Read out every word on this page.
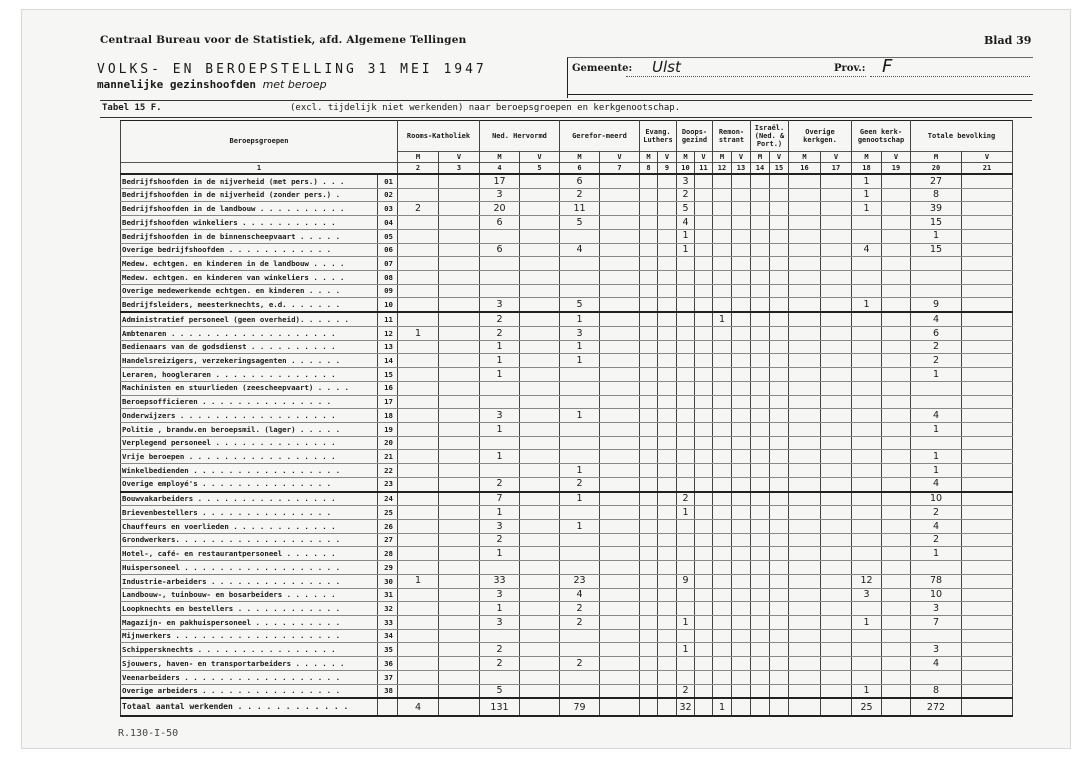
Centraal Bureau voor de Statistiek, afd. Algemene Tellingen	Blad 39
VOLKS- EN BEROEPSTELLING 31 MEI 1947
mannelijke gezinshoofden met beroep
Gemeente: Ulst	Prov.: F
Tabel 15 F.	(excl. tijdelijk niet werkenden) naar beroepsgroepen en kerkgenootschap.
Beroepsgroepen		Rooms-Katholiek		Ned. Hervormd		Gerefor-meerd		Evang. Luthers		Doops-gezind		Remon-strant		Israël. (Ned. & Port.)		Overige kerkgen.		Geen kerk-genootschap		Totale bevolking	
		M	V	M	V	M	V	M	V	M	V	M	V	M	V	M	V	M	V	M	V
1		2	3	4	5	6	7	8	9	10	11	12	13	14	15	16	17	18	19	20	21
Bedrijfshoofden in de nijverheid (met pers.) . . .	01			17		6				3								1		27	
Bedrijfshoofden in de nijverheid (zonder pers.) .	02			3		2				2								1		8	
Bedrijfshoofden in de landbouw . . . . . . . . . .	03	2		20		11				5								1		39	
Bedrijfshoofden winkeliers . . . . . . . . . . .	04			6		5				4										15	
Bedrijfshoofden in de binnenscheepvaart . . . . .	05									1										1	
Overige bedrijfshoofden . . . . . . . . . . . .	06			6		4				1								4		15	
Medew. echtgen. en kinderen in de landbouw . . . .	07																				
Medew. echtgen. en kinderen van winkeliers . . . .	08																				
Overige medewerkende echtgen. en kinderen . . . .	09																				
Bedrijfsleiders, meesterknechts, e.d. . . . . . .	10			3		5												1		9	
Administratief personeel (geen overheid). . . . . .	11			2		1						1								4	
Ambtenaren . . . . . . . . . . . . . . . . . . .	12	1		2		3														6	
Bedienaars van de godsdienst . . . . . . . . . .	13			1		1														2	
Handelsreizigers, verzekeringsagenten . . . . . .	14			1		1														2	
Leraren, hoogleraren . . . . . . . . . . . . . .	15			1																1	
Machinisten en stuurlieden (zeescheepvaart) . . . .	16																				
Beroepsofficieren . . . . . . . . . . . . . . .	17																				
Onderwijzers . . . . . . . . . . . . . . . . . .	18			3		1														4	
Politie , brandw.en beroepsmil. (lager) . . . . .	19			1																1	
Verplegend personeel . . . . . . . . . . . . . .	20																				
Vrije beroepen . . . . . . . . . . . . . . . . .	21			1																1	
Winkelbedienden . . . . . . . . . . . . . . . . .	22					1														1	
Overige employé's . . . . . . . . . . . . . . .	23			2		2														4	
Bouwvakarbeiders . . . . . . . . . . . . . . . .	24			7		1				2										10	
Brievenbestellers . . . . . . . . . . . . . . .	25			1						1										2	
Chauffeurs en voerlieden . . . . . . . . . . . .	26			3		1														4	
Grondwerkers. . . . . . . . . . . . . . . . . . .	27			2																2	
Hotel-, café- en restaurantpersoneel . . . . . .	28			1																1	
Huispersoneel . . . . . . . . . . . . . . . . . .	29																				
Industrie-arbeiders . . . . . . . . . . . . . . .	30	1		33		23				9								12		78	
Landbouw-, tuinbouw- en bosarbeiders . . . . . .	31			3		4												3		10	
Loopknechts en bestellers . . . . . . . . . . . .	32			1		2														3	
Magazijn- en pakhuispersoneel . . . . . . . . . .	33			3		2				1								1		7	
Mijnwerkers . . . . . . . . . . . . . . . . . . .	34																				
Schippersknechts . . . . . . . . . . . . . . . .	35			2						1										3	
Sjouwers, haven- en transportarbeiders . . . . . .	36			2		2														4	
Veenarbeiders . . . . . . . . . . . . . . . . . .	37																				
Overige arbeiders . . . . . . . . . . . . . . . .	38			5						2								1		8	
Totaal aantal werkenden . . . . . . . . . . . .		4		131		79				32		1						25		272	
R.130-I-50
